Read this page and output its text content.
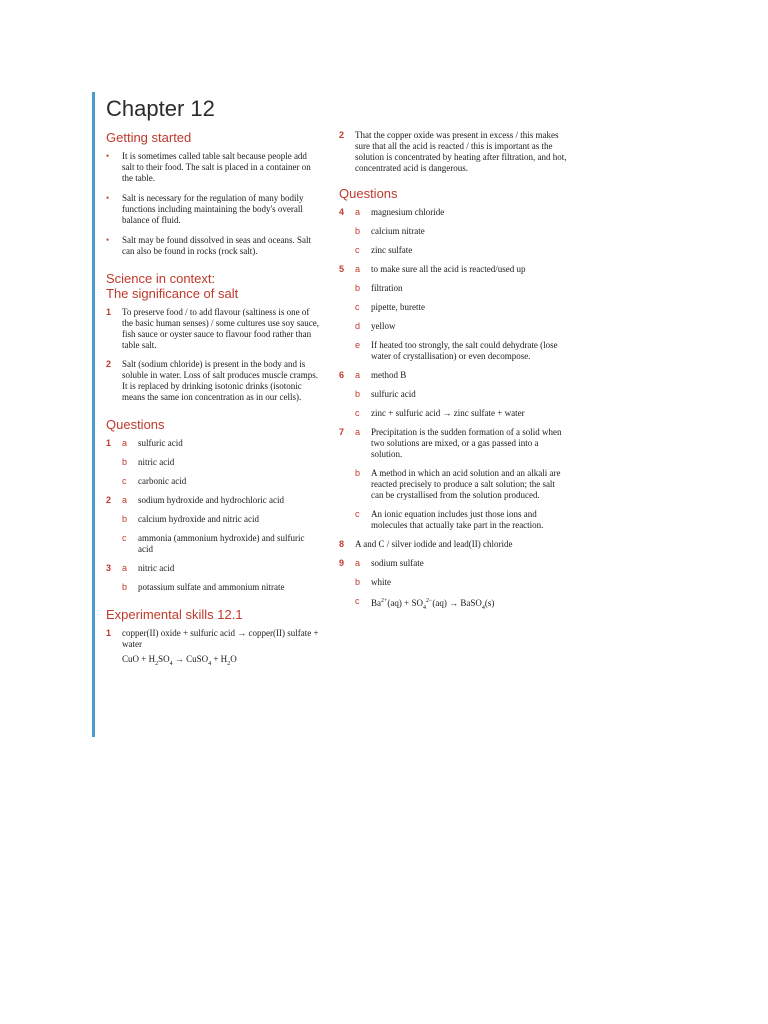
Chapter 12
Getting started
•	It is sometimes called table salt because people add salt to their food. The salt is placed in a container on the table.
•	Salt is necessary for the regulation of many bodily functions including maintaining the body's overall balance of fluid.
•	Salt may be found dissolved in seas and oceans. Salt can also be found in rocks (rock salt).
Science in context:
The significance of salt
1	To preserve food / to add flavour (saltiness is one of the basic human senses) / some cultures use soy sauce, fish sauce or oyster sauce to flavour food rather than table salt.
2	Salt (sodium chloride) is present in the body and is soluble in water. Loss of salt produces muscle cramps. It is replaced by drinking isotonic drinks (isotonic means the same ion concentration as in our cells).
Questions
1	a	sulfuric acid
b	nitric acid
c	carbonic acid
2	a	sodium hydroxide and hydrochloric acid
b	calcium hydroxide and nitric acid
c	ammonia (ammonium hydroxide) and sulfuric acid
3	a	nitric acid
b	potassium sulfate and ammonium nitrate
Experimental skills 12.1
1	copper(II) oxide + sulfuric acid → copper(II) sulfate + water
CuO + $H_2SO_4$ → CuSO$_4$ + $H_2O$
2	That the copper oxide was present in excess / this makes sure that all the acid is reacted / this is important as the solution is concentrated by heating after filtration, and hot, concentrated acid is dangerous.
Questions
4	a	magnesium chloride
b	calcium nitrate
c	zinc sulfate
5	a	to make sure all the acid is reacted/used up
b	filtration
c	pipette, burette
d	yellow
e	If heated too strongly, the salt could dehydrate (lose water of crystallisation) or even decompose.
6	a	method B
b	sulfuric acid
c	zinc + sulfuric acid → zinc sulfate + water
7	a	Precipitation is the sudden formation of a solid when two solutions are mixed, or a gas passed into a solution.
b	A method in which an acid solution and an alkali are reacted precisely to produce a salt solution; the salt can be crystallised from the solution produced.
c	An ionic equation includes just those ions and molecules that actually take part in the reaction.
8	A and C / silver iodide and lead(II) chloride
9	a	sodium sulfate
b	white
c	$Ba^{2+}(aq) + SO_4^{2-}(aq)$ → BaSO$_4$(s)
